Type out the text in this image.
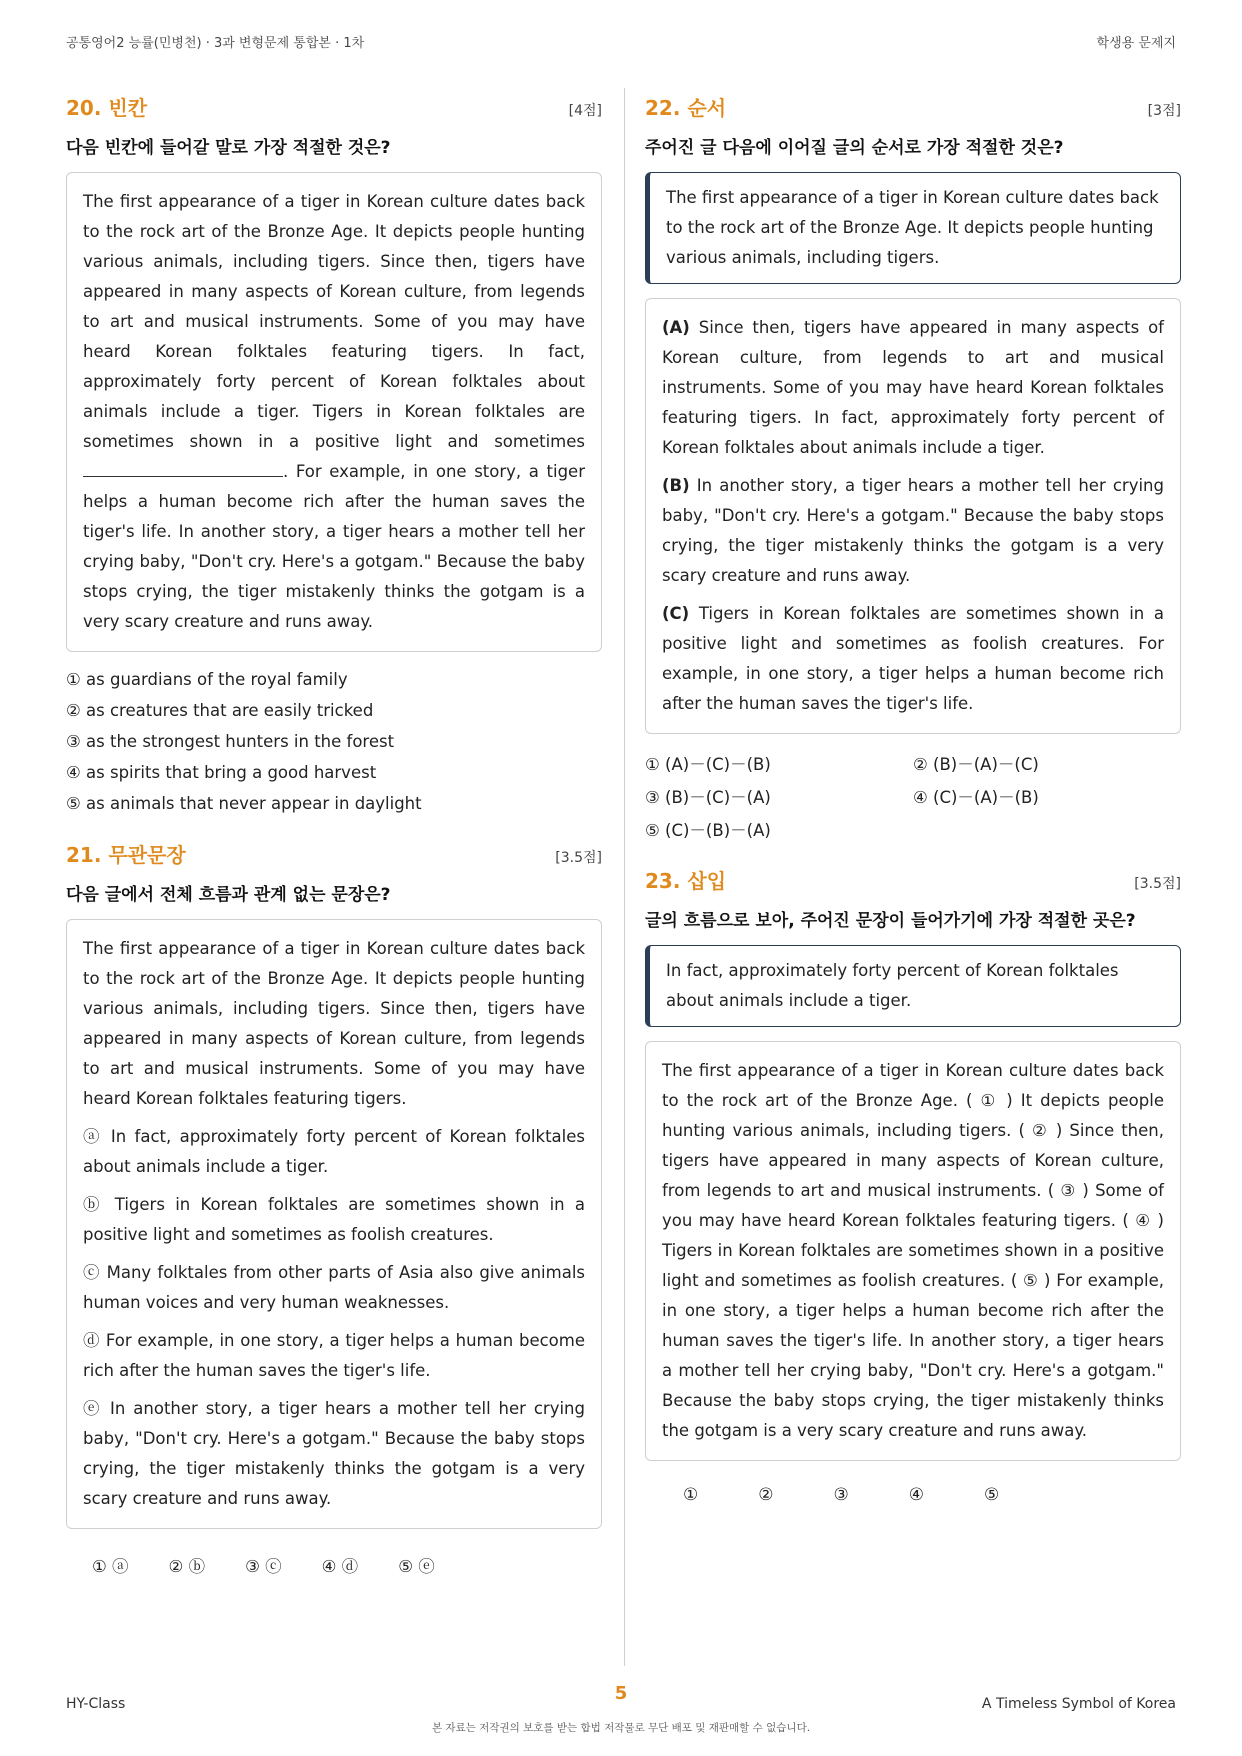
공통영어2 능률(민병천) · 3과 변형문제 통합본 · 1차	학생용 문제지
20. 빈칸	[4점]
다음 빈칸에 들어갈 말로 가장 적절한 것은?
The first appearance of a tiger in Korean culture dates back to the rock art of the Bronze Age. It depicts people hunting various animals, including tigers. Since then, tigers have appeared in many aspects of Korean culture, from legends to art and musical instruments. Some of you may have heard Korean folktales featuring tigers. In fact, approximately forty percent of Korean folktales about animals include a tiger. Tigers in Korean folktales are sometimes shown in a positive light and sometimes . For example, in one story, a tiger helps a human become rich after the human saves the tiger's life. In another story, a tiger hears a mother tell her crying baby, "Don't cry. Here's a gotgam." Because the baby stops crying, the tiger mistakenly thinks the gotgam is a very scary creature and runs away.
① as guardians of the royal family
② as creatures that are easily tricked
③ as the strongest hunters in the forest
④ as spirits that bring a good harvest
⑤ as animals that never appear in daylight
21. 무관문장	[3.5점]
다음 글에서 전체 흐름과 관계 없는 문장은?
The first appearance of a tiger in Korean culture dates back to the rock art of the Bronze Age. It depicts people hunting various animals, including tigers. Since then, tigers have appeared in many aspects of Korean culture, from legends to art and musical instruments. Some of you may have heard Korean folktales featuring tigers.
ⓐ In fact, approximately forty percent of Korean folktales about animals include a tiger.
ⓑ Tigers in Korean folktales are sometimes shown in a positive light and sometimes as foolish creatures.
ⓒ Many folktales from other parts of Asia also give animals human voices and very human weaknesses.
ⓓ For example, in one story, a tiger helps a human become rich after the human saves the tiger's life.
ⓔ In another story, a tiger hears a mother tell her crying baby, "Don't cry. Here's a gotgam." Because the baby stops crying, the tiger mistakenly thinks the gotgam is a very scary creature and runs away.
① ⓐ ② ⓑ ③ ⓒ ④ ⓓ ⑤ ⓔ
22. 순서	[3점]
주어진 글 다음에 이어질 글의 순서로 가장 적절한 것은?
The first appearance of a tiger in Korean culture dates back to the rock art of the Bronze Age. It depicts people hunting various animals, including tigers.
(A) Since then, tigers have appeared in many aspects of Korean culture, from legends to art and musical instruments. Some of you may have heard Korean folktales featuring tigers. In fact, approximately forty percent of Korean folktales about animals include a tiger.
(B) In another story, a tiger hears a mother tell her crying baby, "Don't cry. Here's a gotgam." Because the baby stops crying, the tiger mistakenly thinks the gotgam is a very scary creature and runs away.
(C) Tigers in Korean folktales are sometimes shown in a positive light and sometimes as foolish creatures. For example, in one story, a tiger helps a human become rich after the human saves the tiger's life.
① (A)－(C)－(B)	② (B)－(A)－(C)
③ (B)－(C)－(A)	④ (C)－(A)－(B)
⑤ (C)－(B)－(A)
23. 삽입	[3.5점]
글의 흐름으로 보아, 주어진 문장이 들어가기에 가장 적절한 곳은?
In fact, approximately forty percent of Korean folktales about animals include a tiger.
The first appearance of a tiger in Korean culture dates back to the rock art of the Bronze Age. ( ① ) It depicts people hunting various animals, including tigers. ( ② ) Since then, tigers have appeared in many aspects of Korean culture, from legends to art and musical instruments. ( ③ ) Some of you may have heard Korean folktales featuring tigers. ( ④ ) Tigers in Korean folktales are sometimes shown in a positive light and sometimes as foolish creatures. ( ⑤ ) For example, in one story, a tiger helps a human become rich after the human saves the tiger's life. In another story, a tiger hears a mother tell her crying baby, "Don't cry. Here's a gotgam." Because the baby stops crying, the tiger mistakenly thinks the gotgam is a very scary creature and runs away.
①	②	③	④	⑤
HY-Class	5	A Timeless Symbol of Korea
본 자료는 저작권의 보호를 받는 합법 저작물로 무단 배포 및 재판매할 수 없습니다.
